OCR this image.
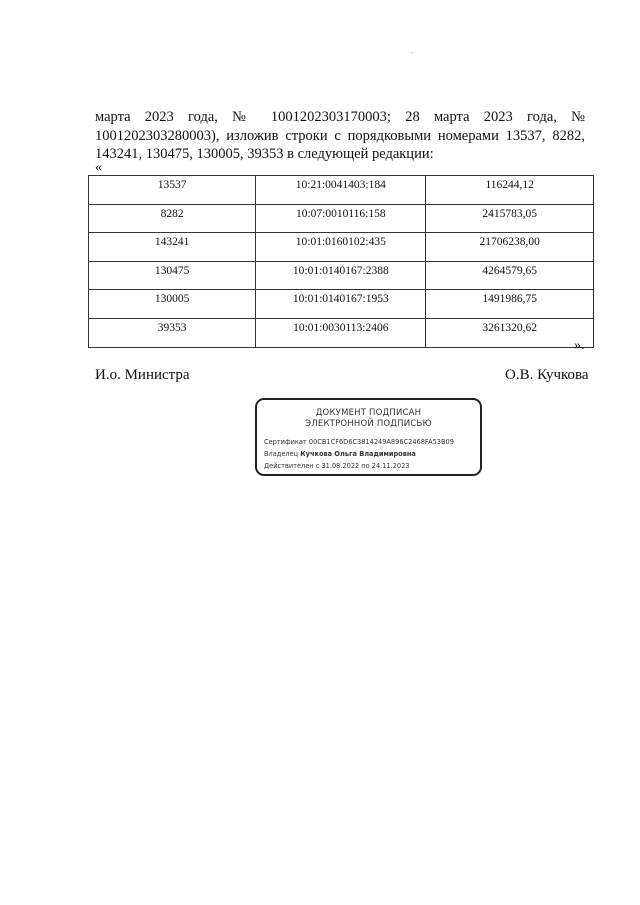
.
марта 2023 года, № 1001202303170003; 28 марта 2023 года, №
1001202303280003), изложив строки с порядковыми номерами 13537, 8282,
143241, 130475, 130005, 39353 в следующей редакции:
«
13537	10:21:0041403:184	116244,12
8282	10:07:0010116:158	2415783,05
143241	10:01:0160102:435	21706238,00
130475	10:01:0140167:2388	4264579,65
130005	10:01:0140167:1953	1491986,75
39353	10:01:0030113:2406	3261320,62
».
И.о. Министра	О.В. Кучкова
ДОКУМЕНТ ПОДПИСАН
ЭЛЕКТРОННОЙ ПОДПИСЬЮ
Сертификат 00CB1CF6D6C3814249A896C2468FA53B09
Владелец Кучкова Ольга Владимировна
Действителен с 31.08.2022 по 24.11.2023
